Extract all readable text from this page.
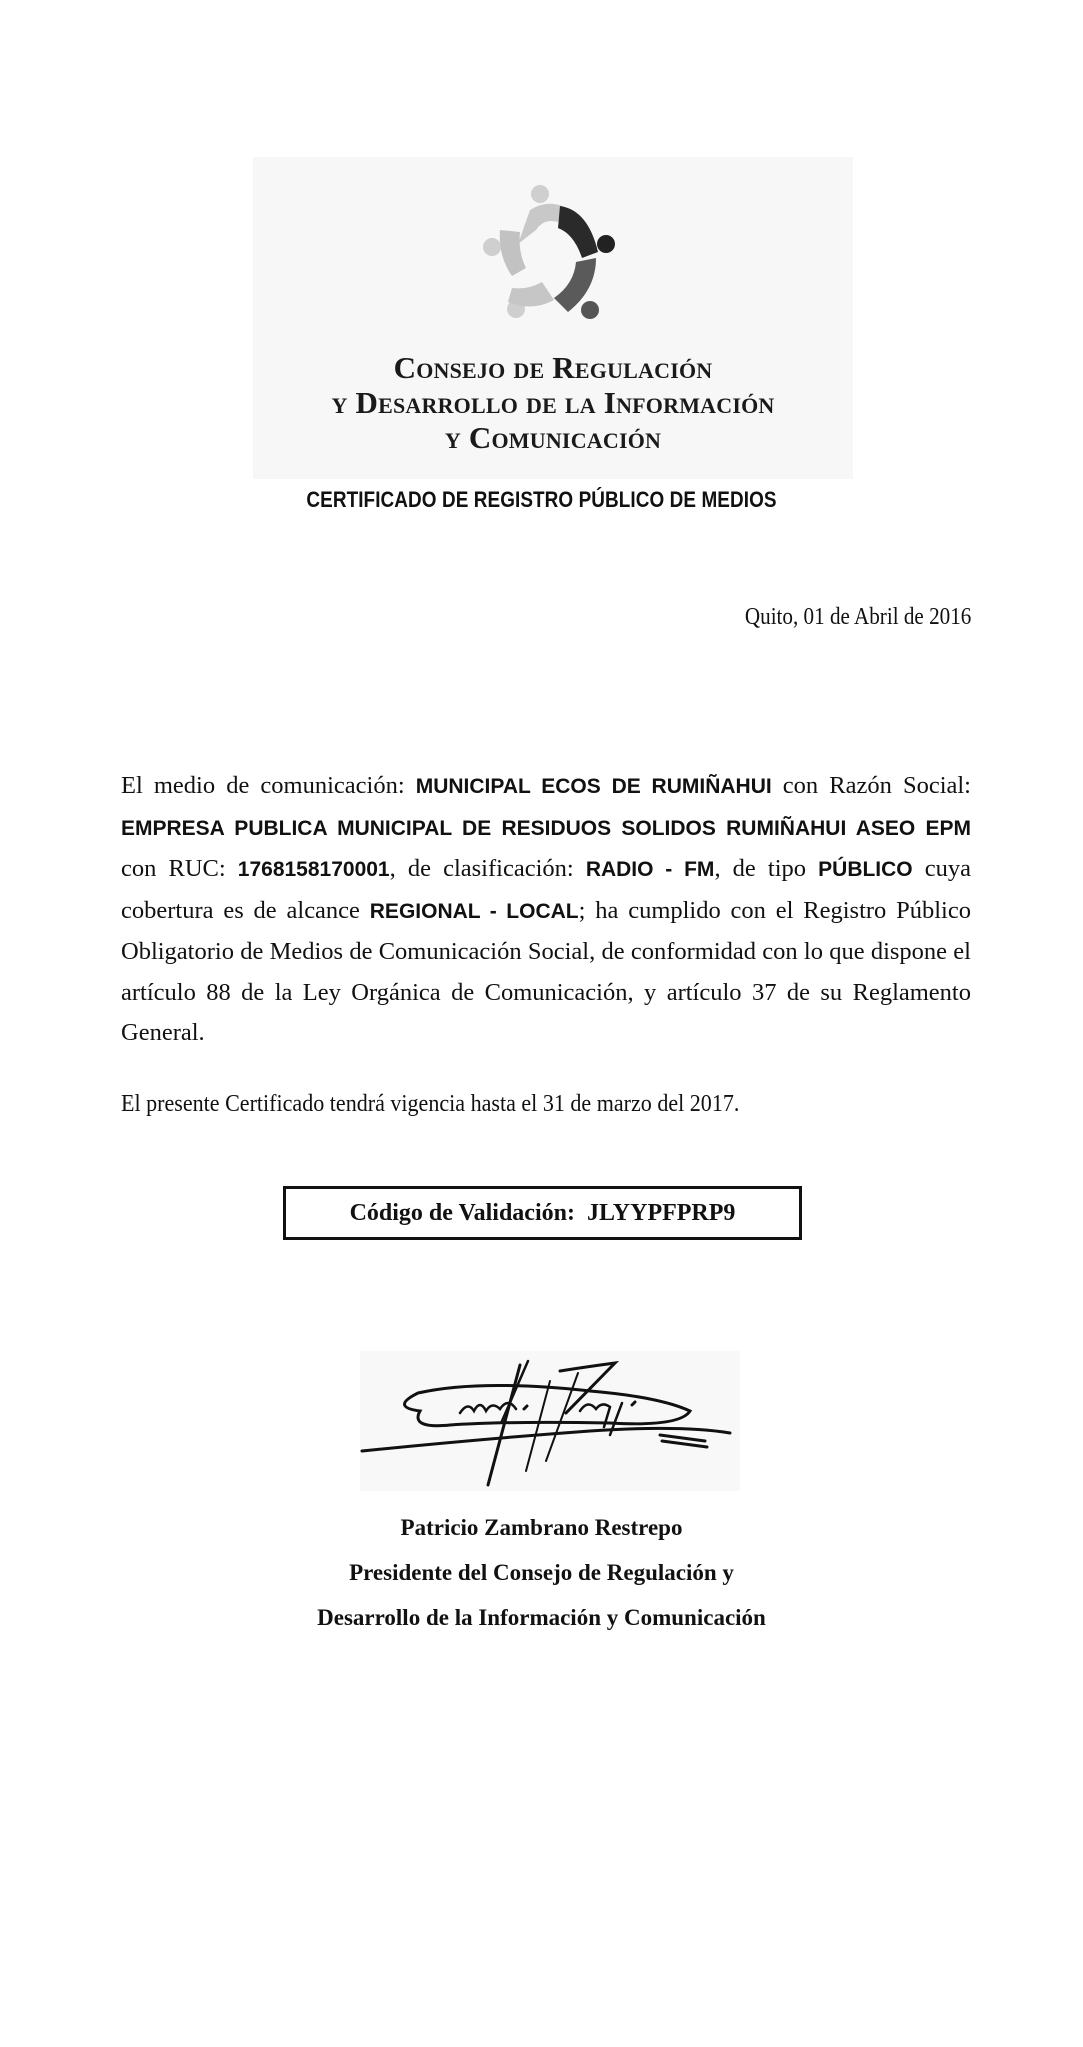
Consejo de Regulación
y Desarrollo de la Información
y Comunicación
CERTIFICADO DE REGISTRO PÚBLICO DE MEDIOS
Quito, 01 de Abril de 2016
El medio de comunicación: MUNICIPAL ECOS DE RUMIÑAHUI con Razón Social: EMPRESA PUBLICA MUNICIPAL DE RESIDUOS SOLIDOS RUMIÑAHUI ASEO EPM con RUC: 1768158170001, de clasificación: RADIO - FM, de tipo PÚBLICO cuya cobertura es de alcance REGIONAL - LOCAL; ha cumplido con el Registro Público Obligatorio de Medios de Comunicación Social, de conformidad con lo que dispone el artículo 88 de la Ley Orgánica de Comunicación, y artículo 37 de su Reglamento General.
El presente Certificado tendrá vigencia hasta el 31 de marzo del 2017.
Código de Validación: JLYYPFPRP9
Patricio Zambrano Restrepo
Presidente del Consejo de Regulación y
Desarrollo de la Información y Comunicación
